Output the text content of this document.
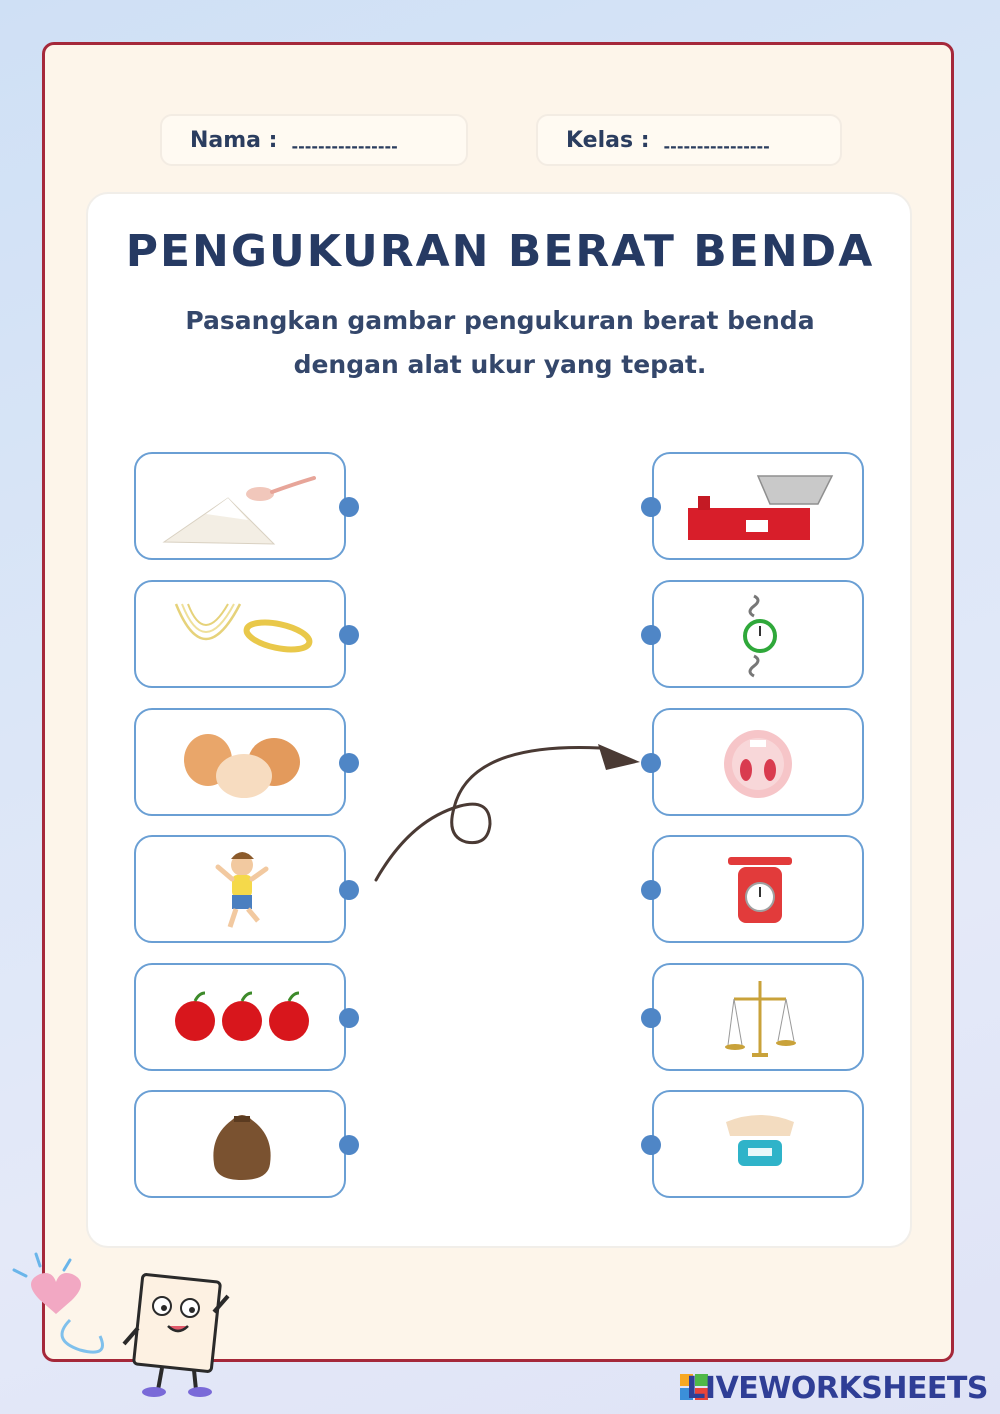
Nama : ----------------	Kelas : ----------------
PENGUKURAN BERAT BENDA
Pasangkan gambar pengukuran berat benda
dengan alat ukur yang tepat.
LIVEWORKSHEETS
